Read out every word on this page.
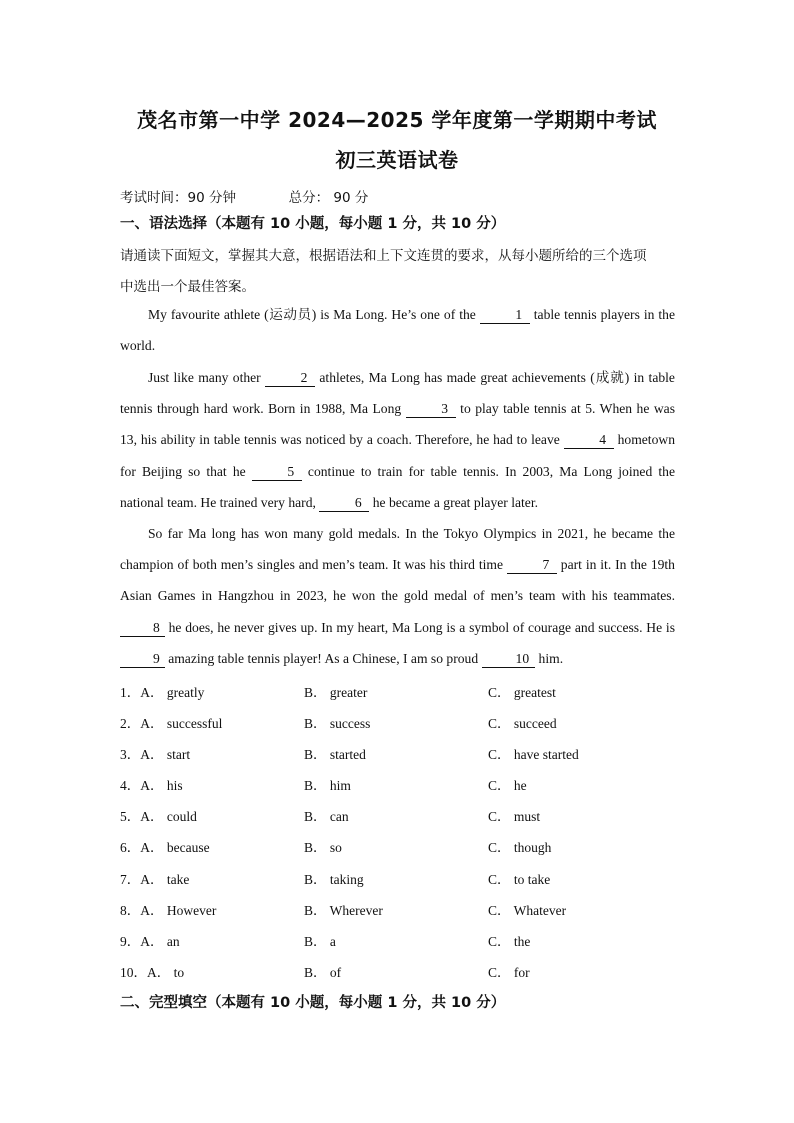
茂名市第一中学 2024—2025 学年度第一学期期中考试
初三英语试卷
考试时间：90 分钟	总分： 90 分
一、语法选择（本题有 10 小题，每小题 1 分，共 10 分）
请通读下面短文，掌握其大意，根据语法和上下文连贯的要求，从每小题所给的三个选项
中选出一个最佳答案。

My favourite athlete (运动员) is Ma Long. He’s one of the	1 table tennis players in the world.

Just like many other	2 athletes, Ma Long has made great achievements (成就) in table tennis through hard work. Born in 1988, Ma Long	3 to play table tennis at 5. When he was 13, his ability in table tennis was noticed by a coach. Therefore, he had to leave	4 hometown for Beijing so that he	5 continue to train for table tennis. In 2003, Ma Long joined the national team. He trained very hard,	6 he became a great player later.

So far Ma long has won many gold medals. In the Tokyo Olympics in 2021, he became the champion of both men’s singles and men’s team. It was his third time	7 part in it. In the 19th Asian Games in Hangzhou in 2023, he won the gold medal of men’s team with his teammates. 8 he does, he never gives up. In my heart, Ma Long is a symbol of courage and success. He is 9 amazing table tennis player! As a Chinese, I am so proud	10 him.

1．A． greatly	B． greater	C． greatest
2．A． successful	B． success	C． succeed
3．A． start	B． started	C． have started
4．A． his	B． him	C． he
5．A． could	B． can	C． must
6．A． because	B． so	C． though
7．A． take	B． taking	C． to take
8．A． However	B． Wherever	C． Whatever
9．A． an	B． a	C． the
10．A． to	B． of	C． for
二、完型填空（本题有 10 小题，每小题 1 分，共 10 分）
